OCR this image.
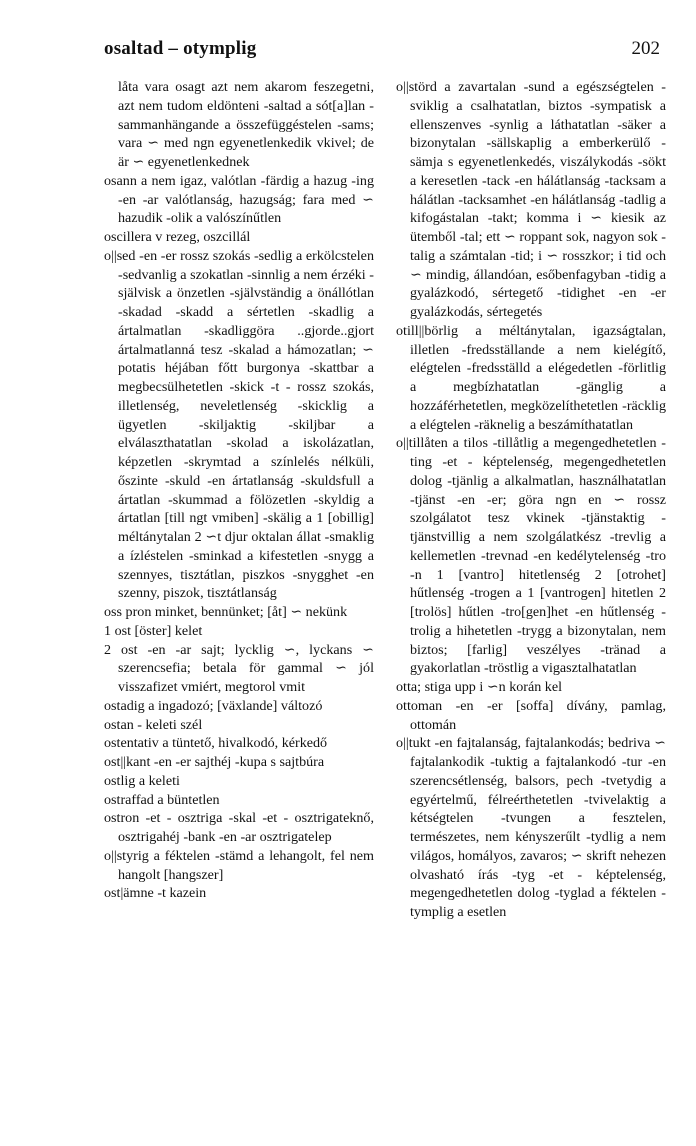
osaltad – otymplig	202

låta vara osagt azt nem akarom feszegetni, azt nem tudom eldönteni -saltad a sót[a]lan -sammanhängande a összefüggéstelen -sams; vara ∽ med ngn egyenetlenkedik vkivel; de är ∽ egyenetlenkednek

osann a nem igaz, valótlan -färdig a hazug -ing -en -ar valótlanság, hazugság; fara med ∽ hazudik -olik a valószínűtlen

oscillera v rezeg, oszcillál

o||sed -en -er rossz szokás -sedlig a erkölcstelen -sedvanlig a szokatlan -sinnlig a nem érzéki -självisk a önzetlen -självständig a önállótlan -skadad -skadd a sértetlen -skadlig a ártalmatlan -skadliggöra ..gjorde..gjort ártalmatlanná tesz -skalad a hámozatlan; ∽ potatis héjában főtt burgonya -skattbar a megbecsülhetetlen -skick -t - rossz szokás, illetlenség, neveletlenség -skicklig a ügyetlen -skiljaktig -skiljbar a elválaszthatatlan -skolad a iskolázatlan, képzetlen -skrymtad a színlelés nélküli, őszinte -skuld -en ártatlanság -skuldsfull a ártatlan -skummad a fölözetlen -skyldig a ártatlan [till ngt vmiben] -skälig a 1 [obillig] méltánytalan 2 ∽t djur oktalan állat -smaklig a ízléstelen -sminkad a kifestetlen -snygg a szennyes, tisztátlan, piszkos -snygghet -en szenny, piszok, tisztátlanság

oss pron minket, bennünket; [åt] ∽ nekünk

1 ost [öster] kelet

2 ost -en -ar sajt; lycklig ∽, lyckans ∽ szerencsefia; betala för gammal ∽ jól visszafizet vmiért, megtorol vmit

ostadig a ingadozó; [växlande] változó

ostan - keleti szél

ostentativ a tüntető, hivalkodó, kérkedő

ost||kant -en -er sajthéj -kupa s sajtbúra

ostlig a keleti

ostraffad a büntetlen

ostron -et - osztriga -skal -et - osztrigateknő, osztrigahéj -bank -en -ar osztrigatelep

o||styrig a féktelen -stämd a lehangolt, fel nem hangolt [hangszer]

ost|ämne -t kazein

o||störd a zavartalan -sund a egészségtelen -sviklig a csalhatatlan, biztos -sympatisk a ellenszenves -synlig a láthatatlan -säker a bizonytalan -sällskaplig a emberkerülő -sämja s egyenetlenkedés, viszálykodás -sökt a keresetlen -tack -en hálátlanság -tacksam a hálátlan -tacksamhet -en hálátlanság -tadlig a kifogástalan -takt; komma i ∽ kiesik az ütemből -tal; ett ∽ roppant sok, nagyon sok -talig a számtalan -tid; i ∽ rosszkor; i tid och ∽ mindig, állandóan, esőbenfagyban -tidig a gyalázkodó, sértegető -tidighet -en -er gyalázkodás, sértegetés

otill||börlig a méltánytalan, igazságtalan, illetlen -fredsställande a nem kielégítő, elégtelen -fredsställd a elégedetlen -förlitlig a megbízhatatlan -gänglig a hozzáférhetetlen, megközelíthetetlen -räcklig a elégtelen -räknelig a beszámíthatatlan

o||tillåten a tilos -tillåtlig a megengedhetetlen -ting -et - képtelenség, megengedhetetlen dolog -tjänlig a alkalmatlan, használhatatlan -tjänst -en -er; göra ngn en ∽ rossz szolgálatot tesz vkinek -tjänstaktig -tjänstvillig a nem szolgálatkész -trevlig a kellemetlen -trevnad -en kedélytelenség -tro -n 1 [vantro] hitetlenség 2 [otrohet] hűtlenség -trogen a 1 [vantrogen] hitetlen 2 [trolös] hűtlen -tro[gen]het -en hűtlenség -trolig a hihetetlen -trygg a bizonytalan, nem biztos; [farlig] veszélyes -tränad a gyakorlatlan -tröstlig a vigasztalhatatlan

otta; stiga upp i ∽n korán kel

ottoman -en -er [soffa] dívány, pamlag, ottomán

o||tukt -en fajtalanság, fajtalankodás; bedriva ∽ fajtalankodik -tuktig a fajtalankodó -tur -en szerencsétlenség, balsors, pech -tvetydig a egyértelmű, félreérthetetlen -tvivelaktig a kétségtelen -tvungen a fesztelen, természetes, nem kényszerűlt -tydlig a nem világos, homályos, zavaros; ∽ skrift nehezen olvasható írás -tyg -et - képtelenség, megengedhetetlen dolog -tyglad a féktelen -tymplig a esetlen
